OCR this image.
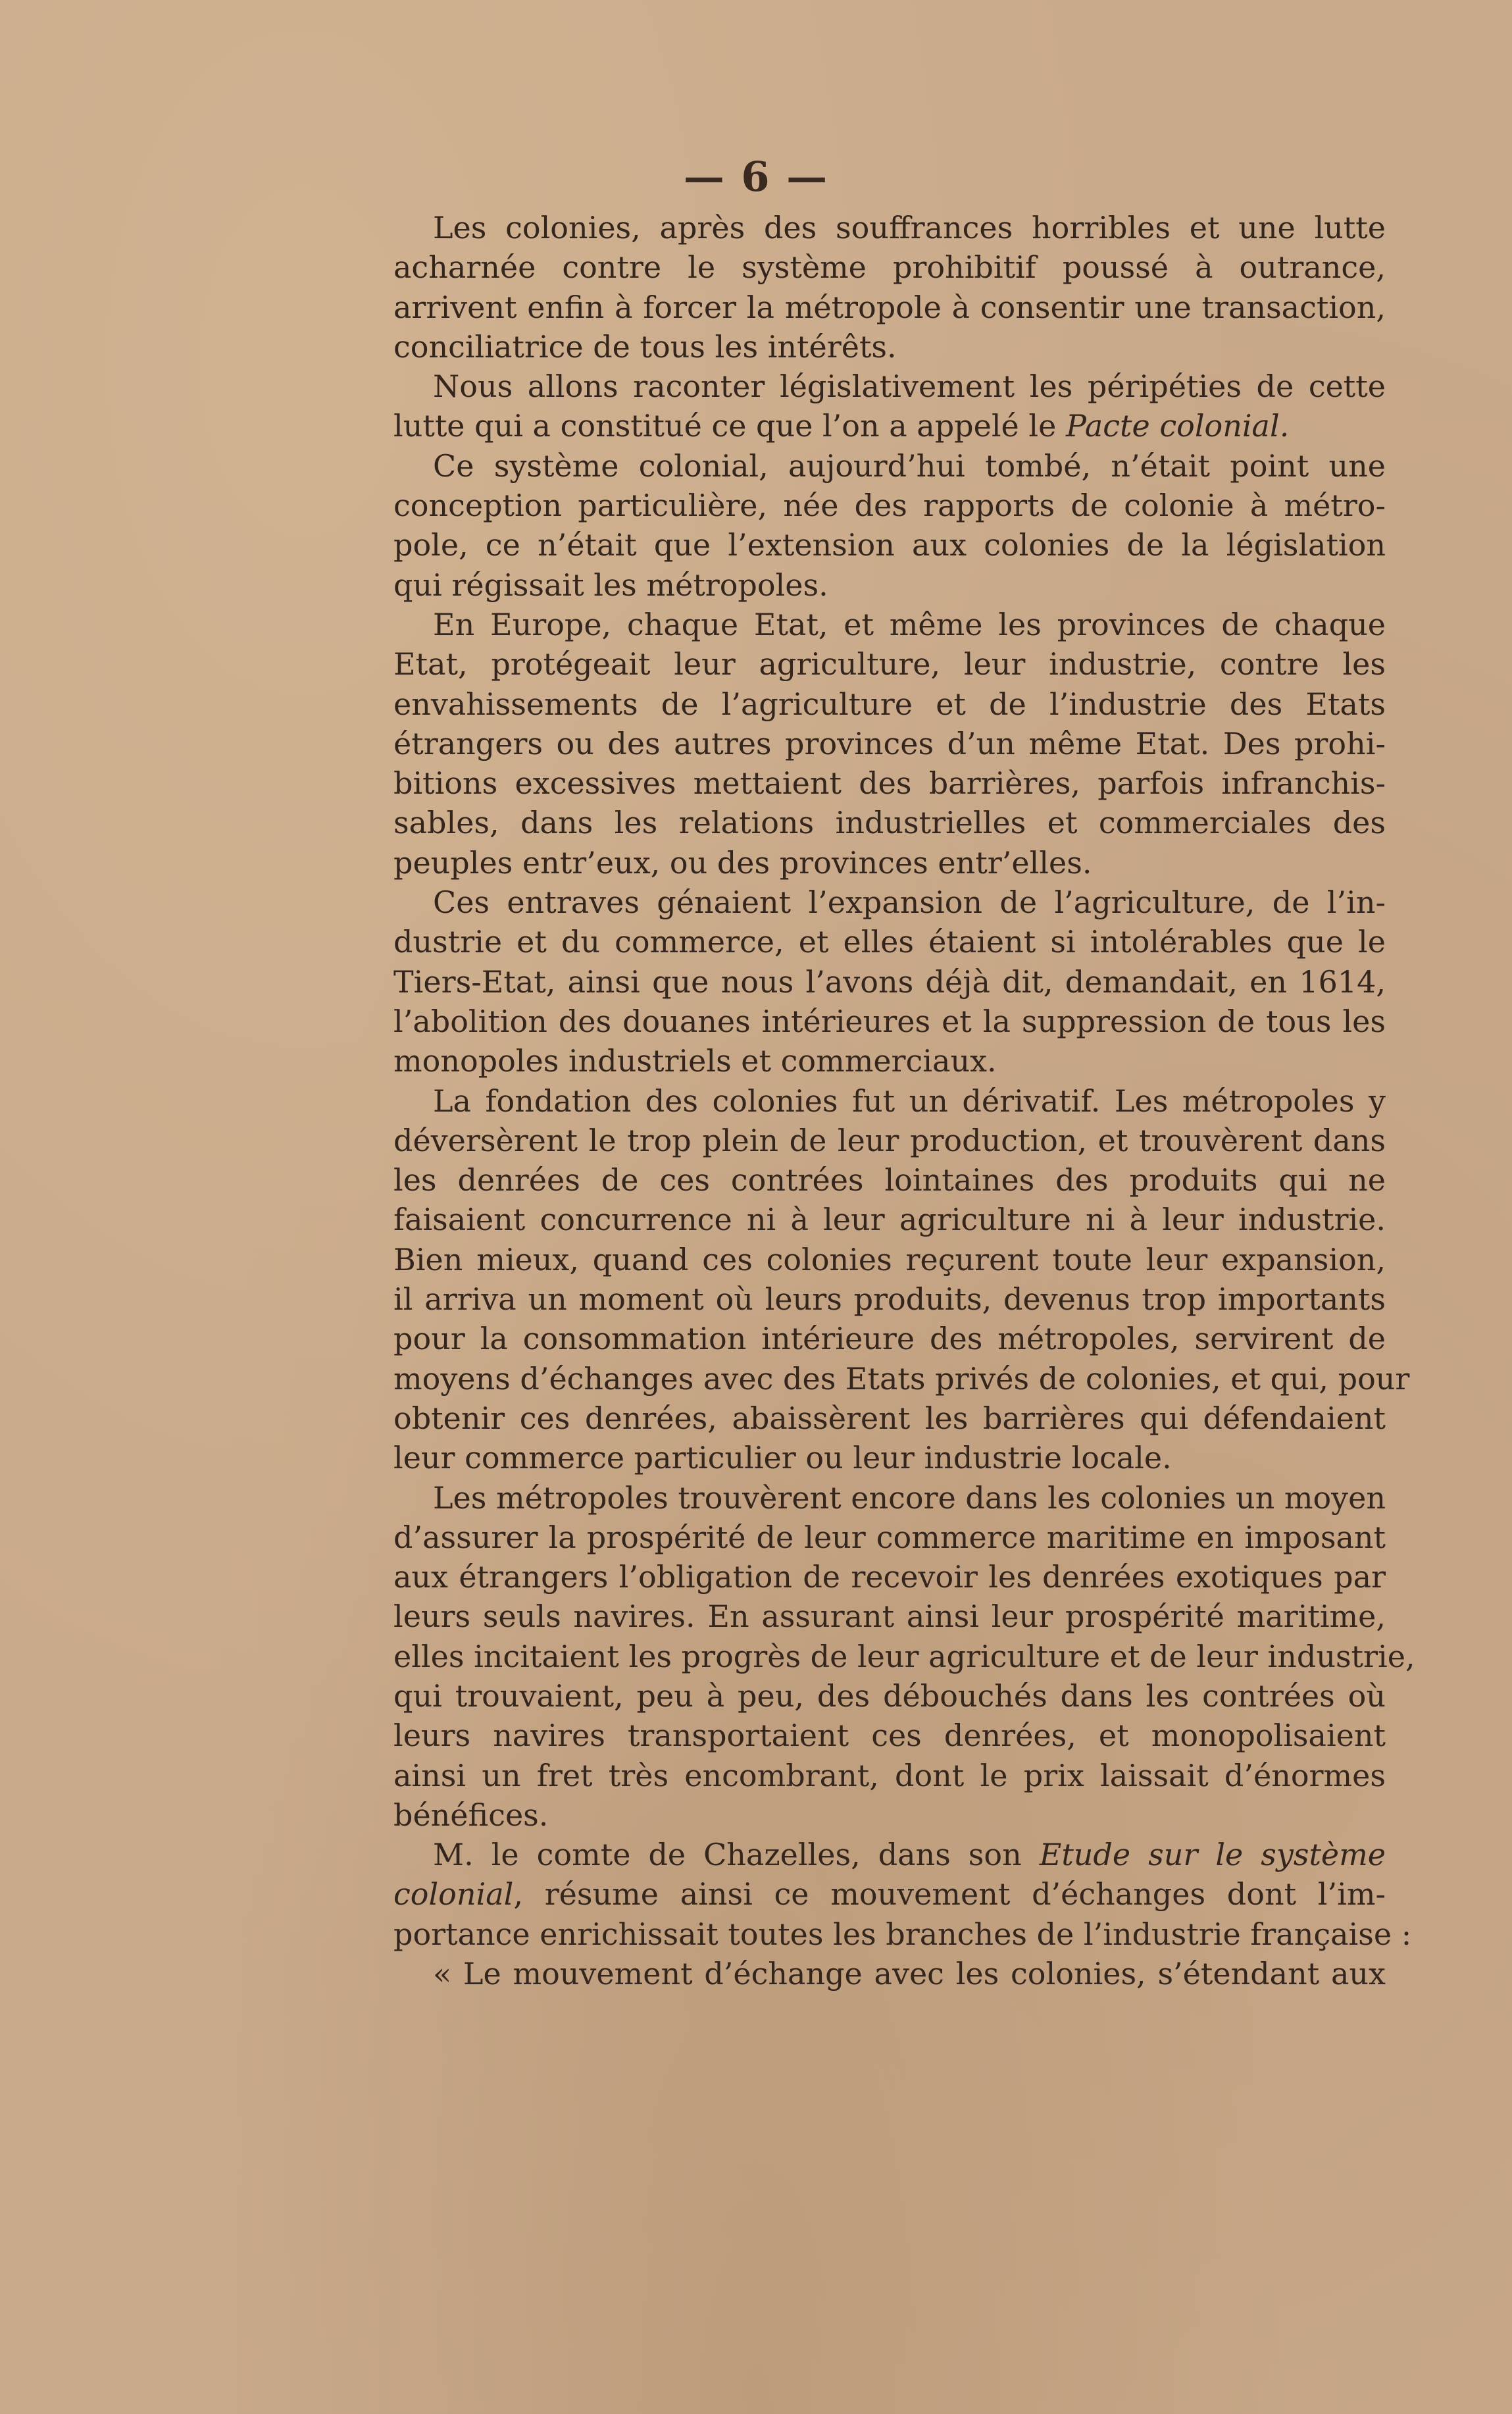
— 6 —
Les colonies, après des souffrances horribles et une lutte
acharnée contre le système prohibitif poussé à outrance,
arrivent enfin à forcer la métropole à consentir une transaction,
conciliatrice de tous les intérêts.
Nous allons raconter législativement les péripéties de cette
lutte qui a constitué ce que l’on a appelé le Pacte colonial.
Ce système colonial, aujourd’hui tombé, n’était point une
conception particulière, née des rapports de colonie à métro-
pole, ce n’était que l’extension aux colonies de la législation
qui régissait les métropoles.
En Europe, chaque Etat, et même les provinces de chaque
Etat, protégeait leur agriculture, leur industrie, contre les
envahissements de l’agriculture et de l’industrie des Etats
étrangers ou des autres provinces d’un même Etat. Des prohi-
bitions excessives mettaient des barrières, parfois infranchis-
sables, dans les relations industrielles et commerciales des
peuples entr’eux, ou des provinces entr’elles.
Ces entraves génaient l’expansion de l’agriculture, de l’in-
dustrie et du commerce, et elles étaient si intolérables que le
Tiers-Etat, ainsi que nous l’avons déjà dit, demandait, en 1614,
l’abolition des douanes intérieures et la suppression de tous les
monopoles industriels et commerciaux.
La fondation des colonies fut un dérivatif. Les métropoles y
déversèrent le trop plein de leur production, et trouvèrent dans
les denrées de ces contrées lointaines des produits qui ne
faisaient concurrence ni à leur agriculture ni à leur industrie.
Bien mieux, quand ces colonies reçurent toute leur expansion,
il arriva un moment où leurs produits, devenus trop importants
pour la consommation intérieure des métropoles, servirent de
moyens d’échanges avec des Etats privés de colonies, et qui, pour
obtenir ces denrées, abaissèrent les barrières qui défendaient
leur commerce particulier ou leur industrie locale.
Les métropoles trouvèrent encore dans les colonies un moyen
d’assurer la prospérité de leur commerce maritime en imposant
aux étrangers l’obligation de recevoir les denrées exotiques par
leurs seuls navires. En assurant ainsi leur prospérité maritime,
elles incitaient les progrès de leur agriculture et de leur industrie,
qui trouvaient, peu à peu, des débouchés dans les contrées où
leurs navires transportaient ces denrées, et monopolisaient
ainsi un fret très encombrant, dont le prix laissait d’énormes
bénéfices.
M. le comte de Chazelles, dans son Etude sur le système
colonial, résume ainsi ce mouvement d’échanges dont l’im-
portance enrichissait toutes les branches de l’industrie française :
« Le mouvement d’échange avec les colonies, s’étendant aux
